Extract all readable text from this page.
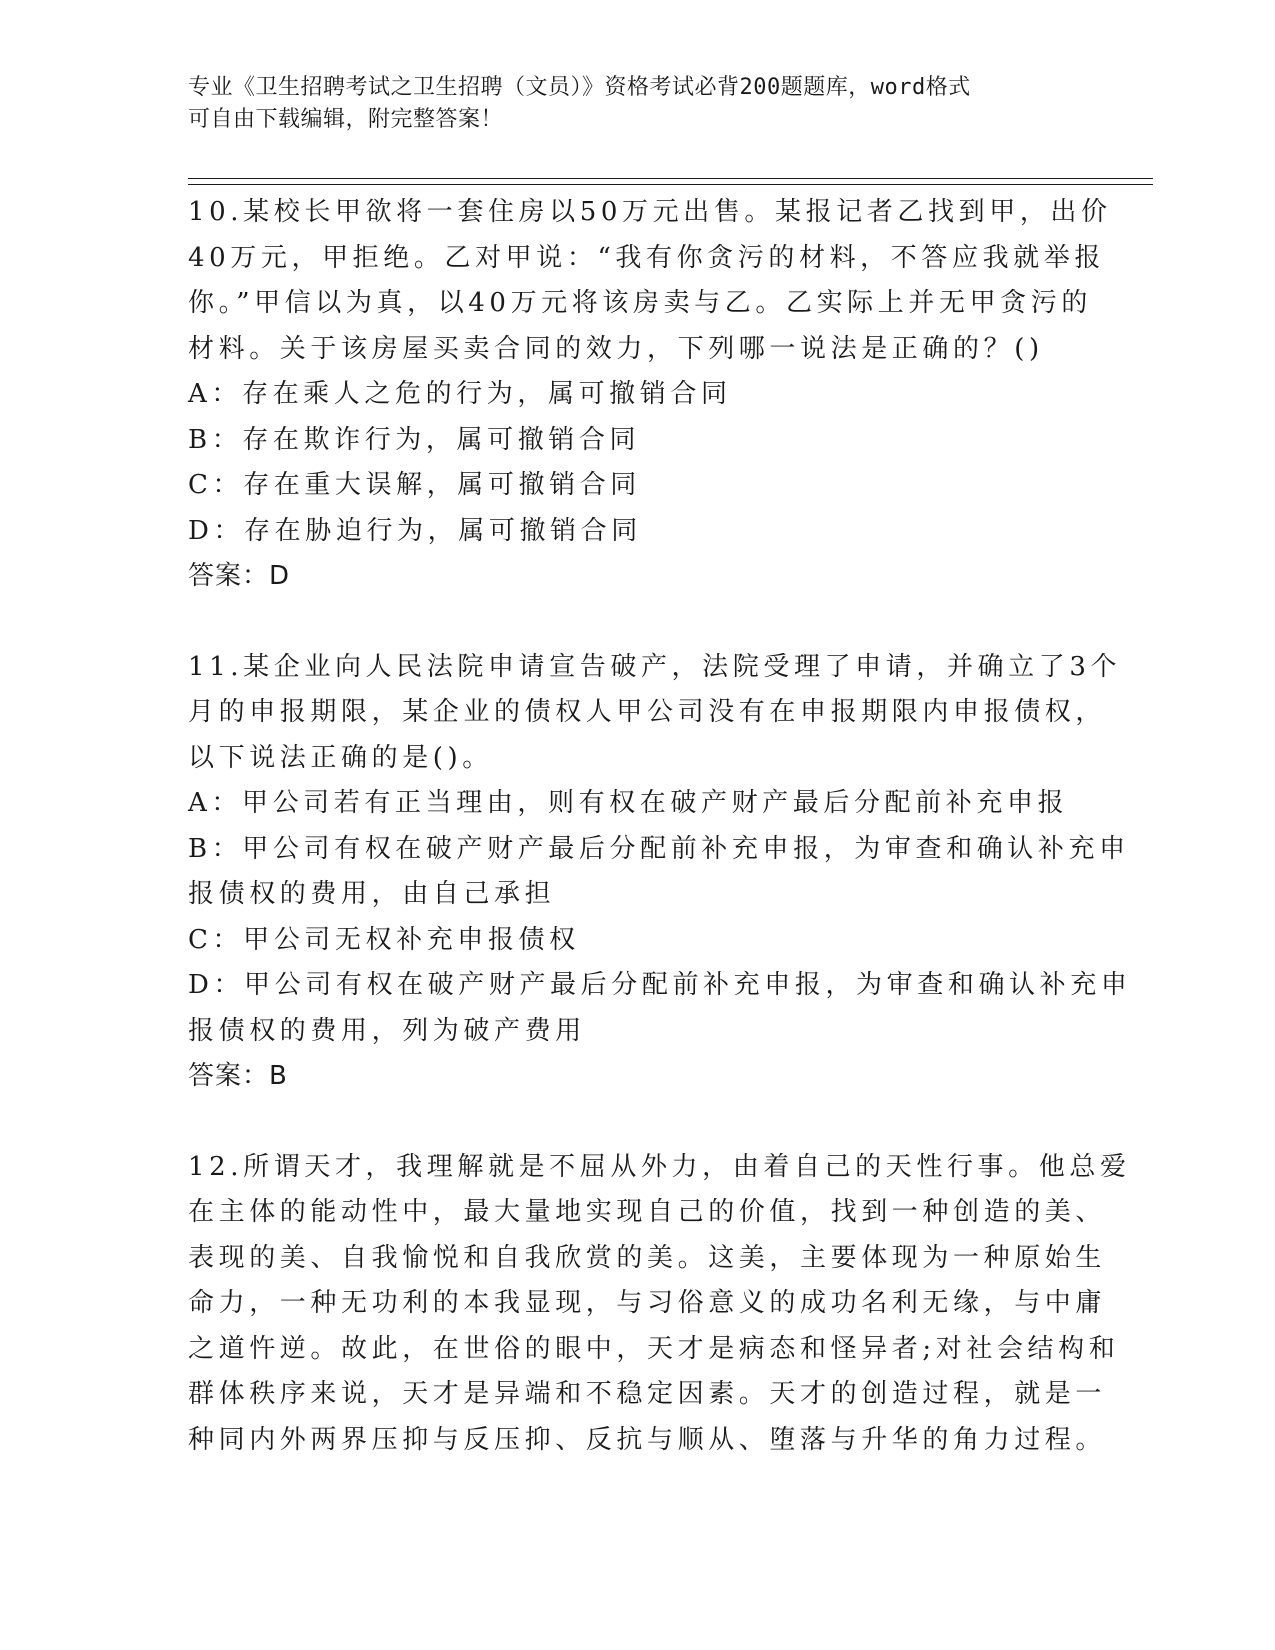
专业《卫生招聘考试之卫生招聘（文员）》资格考试必背200题题库，word格式
可自由下载编辑，附完整答案！
10.某校长甲欲将一套住房以50万元出售。某报记者乙找到甲，出价
40万元，甲拒绝。乙对甲说：“我有你贪污的材料，不答应我就举报
你。”甲信以为真，以40万元将该房卖与乙。乙实际上并无甲贪污的
材料。关于该房屋买卖合同的效力，下列哪一说法是正确的？()
A：存在乘人之危的行为，属可撤销合同
B：存在欺诈行为，属可撤销合同
C：存在重大误解，属可撤销合同
D：存在胁迫行为，属可撤销合同
答案：D
11.某企业向人民法院申请宣告破产，法院受理了申请，并确立了3个
月的申报期限，某企业的债权人甲公司没有在申报期限内申报债权，
以下说法正确的是()。
A：甲公司若有正当理由，则有权在破产财产最后分配前补充申报
B：甲公司有权在破产财产最后分配前补充申报，为审查和确认补充申
报债权的费用，由自己承担
C：甲公司无权补充申报债权
D：甲公司有权在破产财产最后分配前补充申报，为审查和确认补充申
报债权的费用，列为破产费用
答案：B
12.所谓天才，我理解就是不屈从外力，由着自己的天性行事。他总爱
在主体的能动性中，最大量地实现自己的价值，找到一种创造的美、
表现的美、自我愉悦和自我欣赏的美。这美，主要体现为一种原始生
命力，一种无功利的本我显现，与习俗意义的成功名利无缘，与中庸
之道忤逆。故此，在世俗的眼中，天才是病态和怪异者;对社会结构和
群体秩序来说，天才是异端和不稳定因素。天才的创造过程，就是一
种同内外两界压抑与反压抑、反抗与顺从、堕落与升华的角力过程。
